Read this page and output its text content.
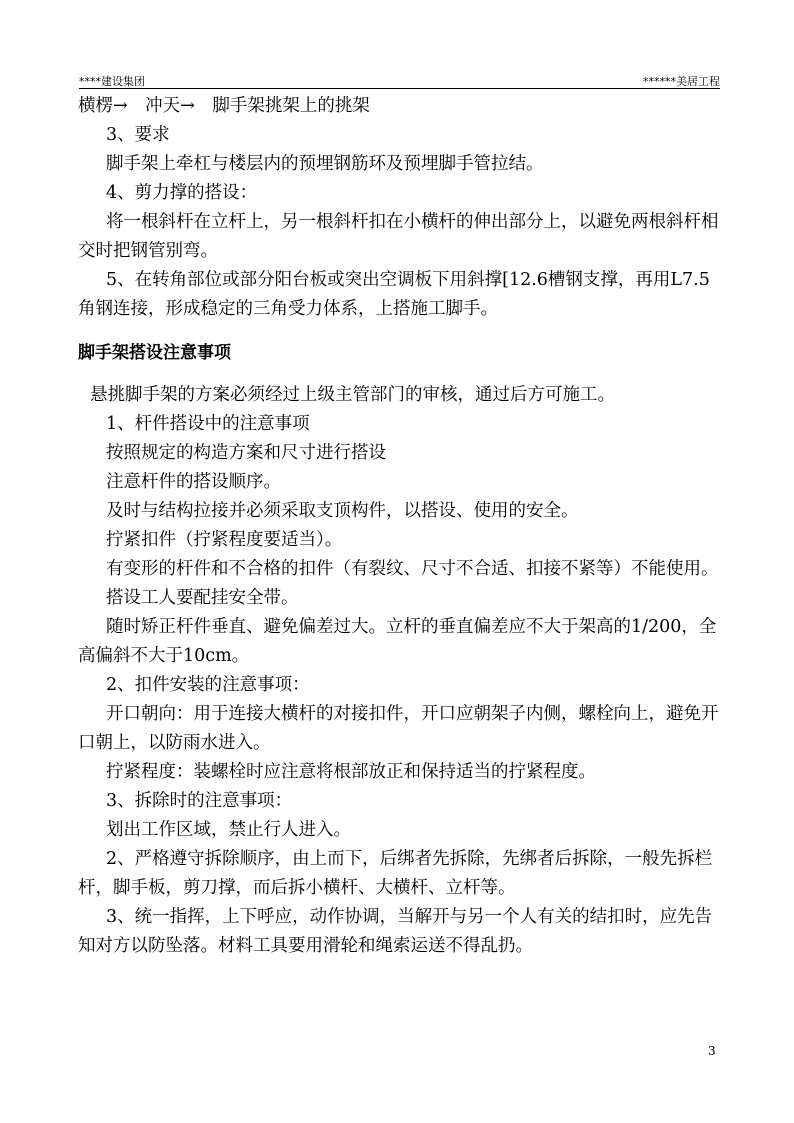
****建设集团	******美居工程

横楞→　冲天→　脚手架挑架上的挑架

3、要求

脚手架上牵杠与楼层内的预埋钢筋环及预埋脚手管拉结。

4、剪力撑的搭设：

将一根斜杆在立杆上，另一根斜杆扣在小横杆的伸出部分上，以避免两根斜杆相交时把钢管别弯。

5、在转角部位或部分阳台板或突出空调板下用斜撑[12.6槽钢支撑，再用L7.5角钢连接，形成稳定的三角受力体系，上搭施工脚手。

脚手架搭设注意事项

悬挑脚手架的方案必须经过上级主管部门的审核，通过后方可施工。

1、杆件搭设中的注意事项

按照规定的构造方案和尺寸进行搭设

注意杆件的搭设顺序。

及时与结构拉接并必须采取支顶构件，以搭设、使用的安全。

拧紧扣件（拧紧程度要适当）。

有变形的杆件和不合格的扣件（有裂纹、尺寸不合适、扣接不紧等）不能使用。

搭设工人要配挂安全带。

随时矫正杆件垂直、避免偏差过大。立杆的垂直偏差应不大于架高的1/200，全高偏斜不大于10cm。

2、扣件安装的注意事项：

开口朝向：用于连接大横杆的对接扣件，开口应朝架子内侧，螺栓向上，避免开口朝上，以防雨水进入。

拧紧程度：装螺栓时应注意将根部放正和保持适当的拧紧程度。

3、拆除时的注意事项：

划出工作区域，禁止行人进入。

2、严格遵守拆除顺序，由上而下，后绑者先拆除，先绑者后拆除，一般先拆栏杆，脚手板，剪刀撑，而后拆小横杆、大横杆、立杆等。

3、统一指挥，上下呼应，动作协调，当解开与另一个人有关的结扣时，应先告知对方以防坠落。材料工具要用滑轮和绳索运送不得乱扔。

3
